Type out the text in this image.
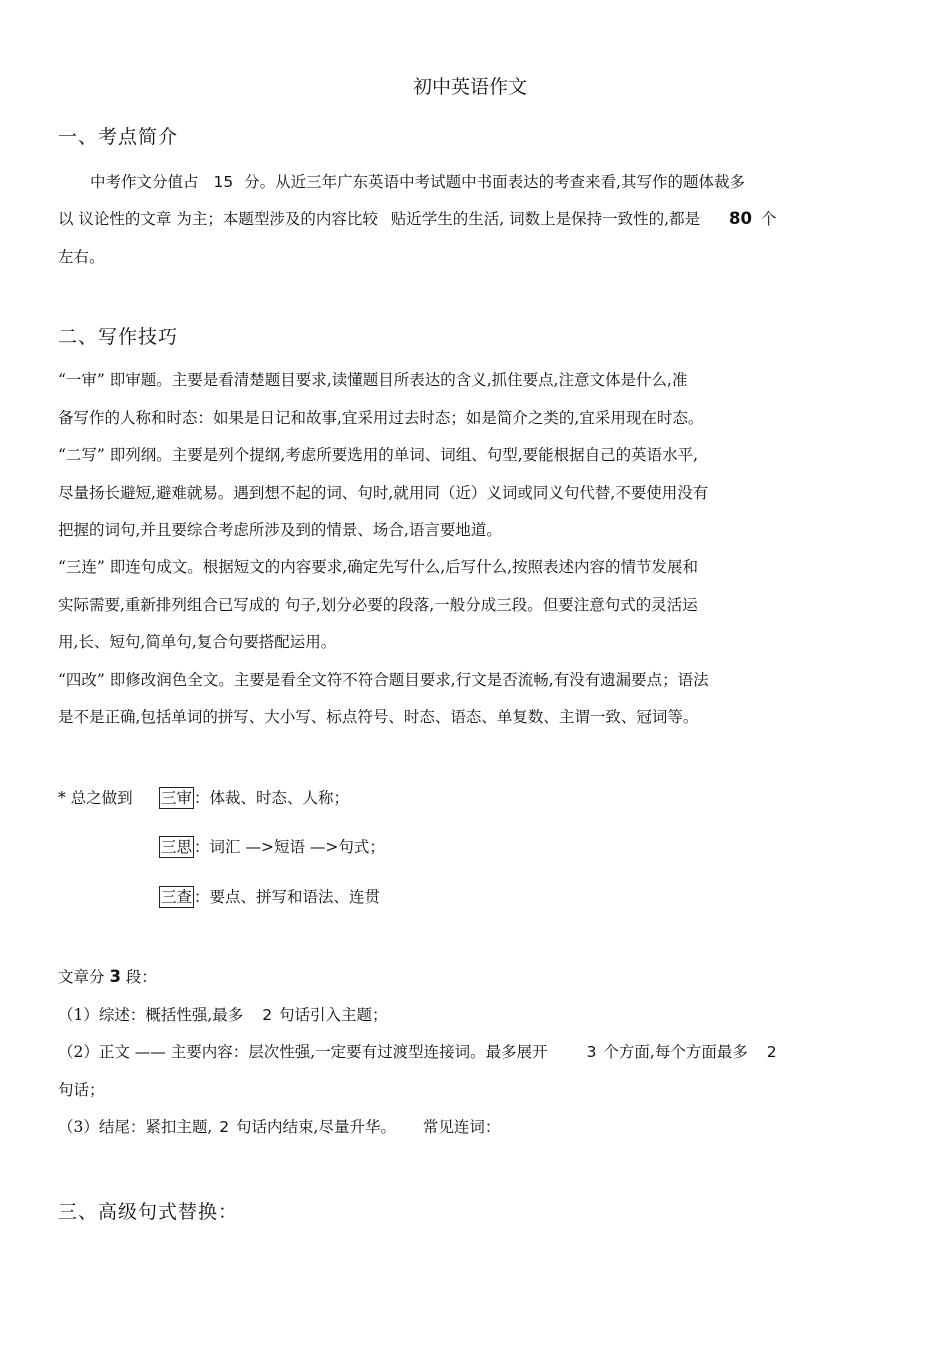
初中英语作文
一、考点简介
中考作文分值占 15 分。从近三年广东英语中考试题中书面表达的考查来看,其写作的题体裁多
以 议论性的文章 为主；本题型涉及的内容比较 贴近学生的生活, 词数上是保持一致性的,都是 80 个
左右。
二、写作技巧
“一审” 即审题。主要是看清楚题目要求,读懂题目所表达的含义,抓住要点,注意文体是什么,准
备写作的人称和时态：如果是日记和故事,宜采用过去时态；如是简介之类的,宜采用现在时态。
“二写” 即列纲。主要是列个提纲,考虑所要选用的单词、词组、句型,要能根据自己的英语水平,
尽量扬长避短,避难就易。遇到想不起的词、句时,就用同（近）义词或同义句代替,不要使用没有
把握的词句,并且要综合考虑所涉及到的情景、场合,语言要地道。
“三连” 即连句成文。根据短文的内容要求,确定先写什么,后写什么,按照表述内容的情节发展和
实际需要,重新排列组合已写成的 句子,划分必要的段落,一般分成三段。但要注意句式的灵活运
用,长、短句,简单句,复合句要搭配运用。
“四改” 即修改润色全文。主要是看全文符不符合题目要求,行文是否流畅,有没有遗漏要点；语法
是不是正确,包括单词的拼写、大小写、标点符号、时态、语态、单复数、主谓一致、冠词等。
* 总之做到 三审 ：体裁、时态、人称；
三思 ：词汇 —>短语 —>句式；
三查 ：要点、拼写和语法、连贯
文章分 3 段：
（1）综述：概括性强,最多 2 句话引入主题；
（2）正文 —— 主要内容：层次性强,一定要有过渡型连接词。最多展开	3 个方面,每个方面最多 2
句话；
（3）结尾：紧扣主题, 2 句话内结束,尽量升华。 常见连词：
三、高级句式替换：
